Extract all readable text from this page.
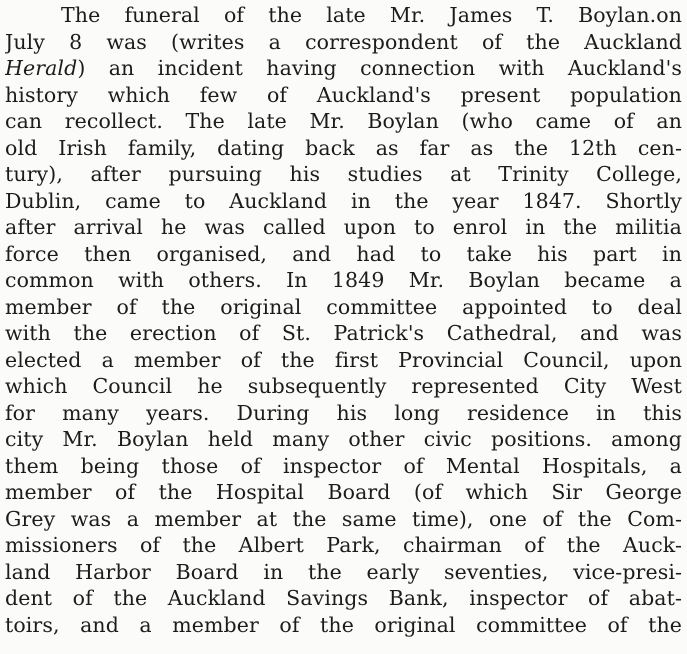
The funeral of the late Mr. James T. Boylan.on
July 8 was (writes a correspondent of the Auckland
Herald) an incident having connection with Auckland's
history which few of Auckland's present population
can recollect. The late Mr. Boylan (who came of an
old Irish family, dating back as far as the 12th cen-
tury), after pursuing his studies at Trinity College,
Dublin, came to Auckland in the year 1847. Shortly
after arrival he was called upon to enrol in the militia
force then organised, and had to take his part in
common with others. In 1849 Mr. Boylan became a
member of the original committee appointed to deal
with the erection of St. Patrick's Cathedral, and was
elected a member of the first Provincial Council, upon
which Council he subsequently represented City West
for many years. During his long residence in this
city Mr. Boylan held many other civic positions. among
them being those of inspector of Mental Hospitals, a
member of the Hospital Board (of which Sir George
Grey was a member at the same time), one of the Com-
missioners of the Albert Park, chairman of the Auck-
land Harbor Board in the early seventies, vice-presi-
dent of the Auckland Savings Bank, inspector of abat-
toirs, and a member of the original committee of the
